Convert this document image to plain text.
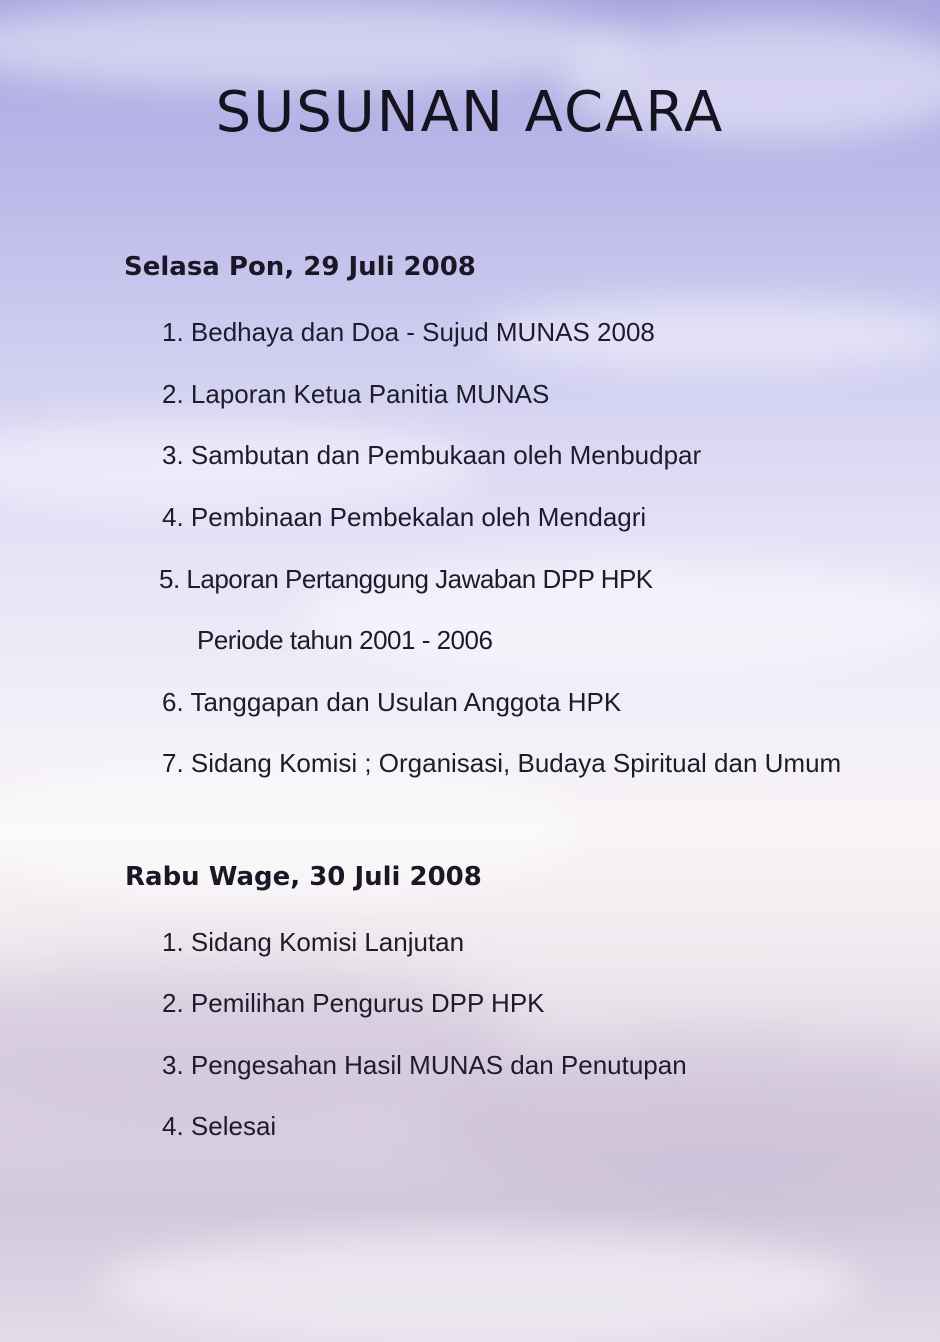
SUSUNAN ACARA
Selasa Pon, 29 Juli 2008
1. Bedhaya dan Doa - Sujud MUNAS 2008
2. Laporan Ketua Panitia MUNAS
3. Sambutan dan Pembukaan oleh Menbudpar
4. Pembinaan Pembekalan oleh Mendagri
5. Laporan Pertanggung Jawaban DPP HPK
Periode tahun 2001 - 2006
6. Tanggapan dan Usulan Anggota HPK
7. Sidang Komisi ; Organisasi, Budaya Spiritual dan Umum
Rabu Wage, 30 Juli 2008
1. Sidang Komisi Lanjutan
2. Pemilihan Pengurus DPP HPK
3. Pengesahan Hasil MUNAS dan Penutupan
4. Selesai
